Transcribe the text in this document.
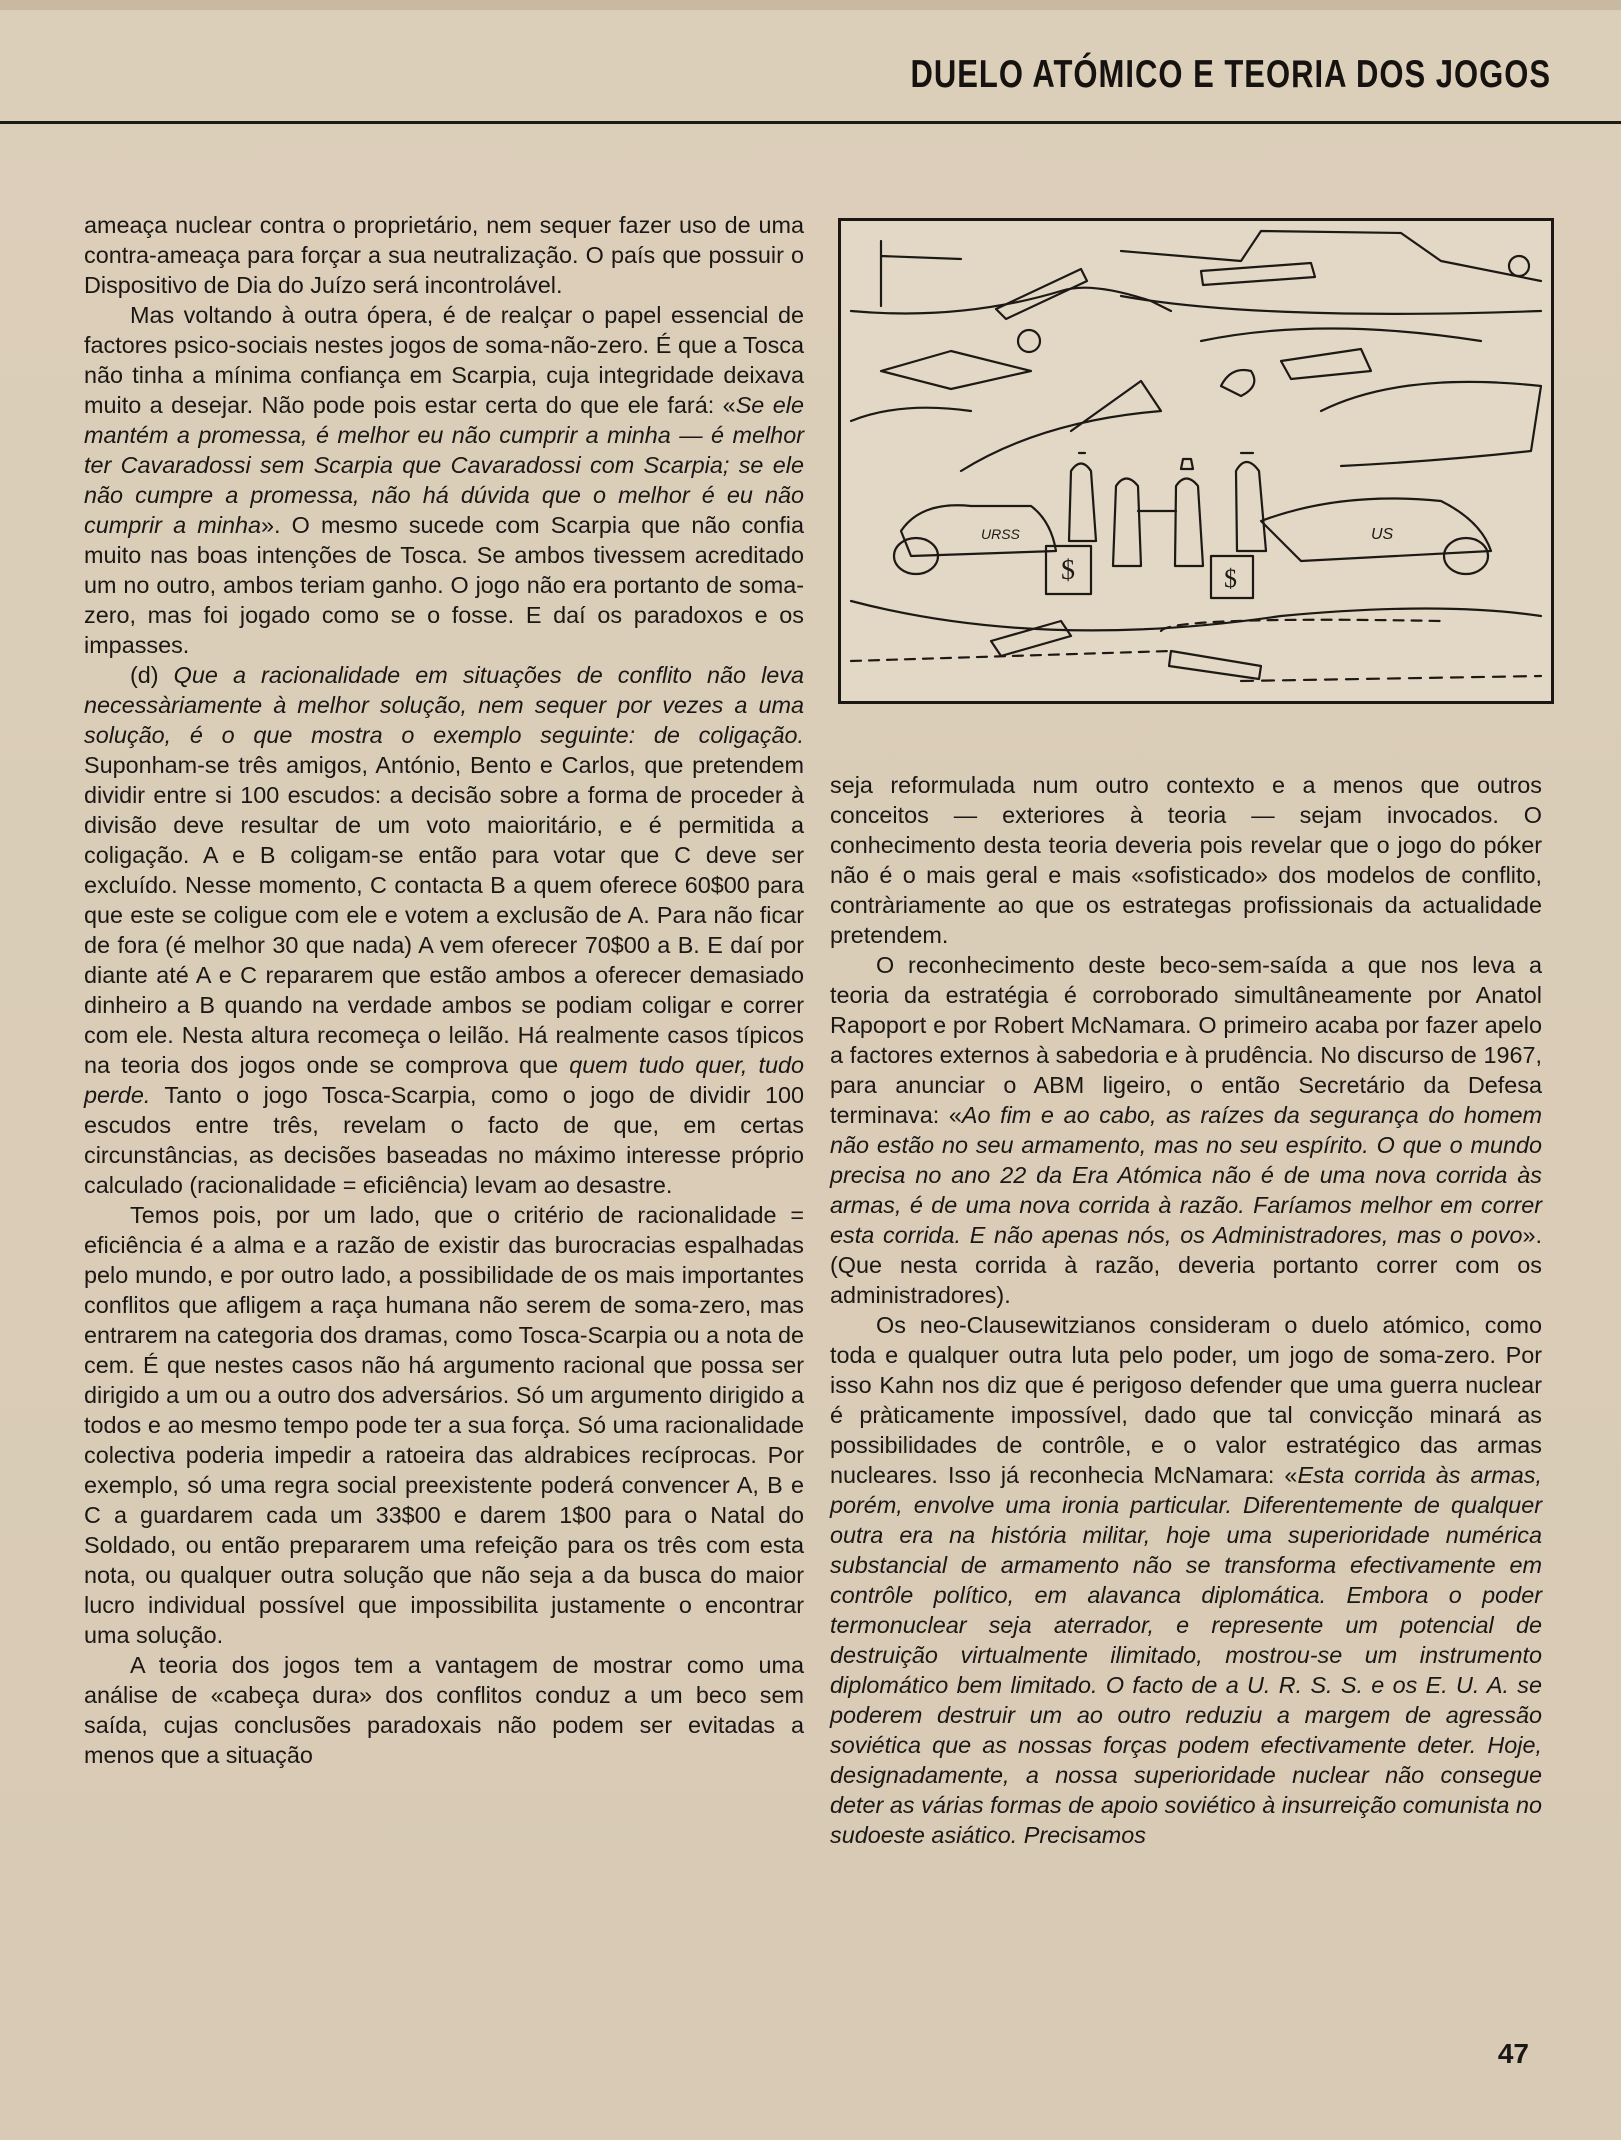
DUELO ATÓMICO E TEORIA DOS JOGOS

ameaça nuclear contra o proprietário, nem sequer fazer uso de uma contra-ameaça para forçar a sua neutralização. O país que possuir o Dispositivo de Dia do Juízo será incontrolável.

Mas voltando à outra ópera, é de realçar o papel essencial de factores psico-sociais nestes jogos de soma-não-zero. É que a Tosca não tinha a mínima confiança em Scarpia, cuja integridade deixava muito a desejar. Não pode pois estar certa do que ele fará: «Se ele mantém a promessa, é melhor eu não cumprir a minha — é melhor ter Cavaradossi sem Scarpia que Cavaradossi com Scarpia; se ele não cumpre a promessa, não há dúvida que o melhor é eu não cumprir a minha». O mesmo sucede com Scarpia que não confia muito nas boas intenções de Tosca. Se ambos tivessem acreditado um no outro, ambos teriam ganho. O jogo não era portanto de soma-zero, mas foi jogado como se o fosse. E daí os paradoxos e os impasses.

(d) Que a racionalidade em situações de conflito não leva necessàriamente à melhor solução, nem sequer por vezes a uma solução, é o que mostra o exemplo seguinte: de coligação. Suponham-se três amigos, António, Bento e Carlos, que pretendem dividir entre si 100 escudos: a decisão sobre a forma de proceder à divisão deve resultar de um voto maioritário, e é permitida a coligação. A e B coligam-se então para votar que C deve ser excluído. Nesse momento, C contacta B a quem oferece 60$00 para que este se coligue com ele e votem a exclusão de A. Para não ficar de fora (é melhor 30 que nada) A vem oferecer 70$00 a B. E daí por diante até A e C repararem que estão ambos a oferecer demasiado dinheiro a B quando na verdade ambos se podiam coligar e correr com ele. Nesta altura recomeça o leilão. Há realmente casos típicos na teoria dos jogos onde se comprova que quem tudo quer, tudo perde. Tanto o jogo Tosca-Scarpia, como o jogo de dividir 100 escudos entre três, revelam o facto de que, em certas circunstâncias, as decisões baseadas no máximo interesse próprio calculado (racionalidade = eficiência) levam ao desastre.

Temos pois, por um lado, que o critério de racionalidade = eficiência é a alma e a razão de existir das burocracias espalhadas pelo mundo, e por outro lado, a possibilidade de os mais importantes conflitos que afligem a raça humana não serem de soma-zero, mas entrarem na categoria dos dramas, como Tosca-Scarpia ou a nota de cem. É que nestes casos não há argumento racional que possa ser dirigido a um ou a outro dos adversários. Só um argumento dirigido a todos e ao mesmo tempo pode ter a sua força. Só uma racionalidade colectiva poderia impedir a ratoeira das aldrabices recíprocas. Por exemplo, só uma regra social preexistente poderá convencer A, B e C a guardarem cada um 33$00 e darem 1$00 para o Natal do Soldado, ou então prepararem uma refeição para os três com esta nota, ou qualquer outra solução que não seja a da busca do maior lucro individual possível que impossibilita justamente o encontrar uma solução.

A teoria dos jogos tem a vantagem de mostrar como uma análise de «cabeça dura» dos conflitos conduz a um beco sem saída, cujas conclusões paradoxais não podem ser evitadas a menos que a situação

$	$
URSS	US

seja reformulada num outro contexto e a menos que outros conceitos — exteriores à teoria — sejam invocados. O conhecimento desta teoria deveria pois revelar que o jogo do póker não é o mais geral e mais «sofisticado» dos modelos de conflito, contràriamente ao que os estrategas profissionais da actualidade pretendem.

O reconhecimento deste beco-sem-saída a que nos leva a teoria da estratégia é corroborado simultâneamente por Anatol Rapoport e por Robert McNamara. O primeiro acaba por fazer apelo a factores externos à sabedoria e à prudência. No discurso de 1967, para anunciar o ABM ligeiro, o então Secretário da Defesa terminava: «Ao fim e ao cabo, as raízes da segurança do homem não estão no seu armamento, mas no seu espírito. O que o mundo precisa no ano 22 da Era Atómica não é de uma nova corrida às armas, é de uma nova corrida à razão. Faríamos melhor em correr esta corrida. E não apenas nós, os Administradores, mas o povo». (Que nesta corrida à razão, deveria portanto correr com os administradores).

Os neo-Clausewitzianos consideram o duelo atómico, como toda e qualquer outra luta pelo poder, um jogo de soma-zero. Por isso Kahn nos diz que é perigoso defender que uma guerra nuclear é pràticamente impossível, dado que tal convicção minará as possibilidades de contrôle, e o valor estratégico das armas nucleares. Isso já reconhecia McNamara: «Esta corrida às armas, porém, envolve uma ironia particular. Diferentemente de qualquer outra era na história militar, hoje uma superioridade numérica substancial de armamento não se transforma efectivamente em contrôle político, em alavanca diplomática. Embora o poder termonuclear seja aterrador, e represente um potencial de destruição virtualmente ilimitado, mostrou-se um instrumento diplomático bem limitado. O facto de a U. R. S. S. e os E. U. A. se poderem destruir um ao outro reduziu a margem de agressão soviética que as nossas forças podem efectivamente deter. Hoje, designadamente, a nossa superioridade nuclear não consegue deter as várias formas de apoio soviético à insurreição comunista no sudoeste asiático. Precisamos

47
